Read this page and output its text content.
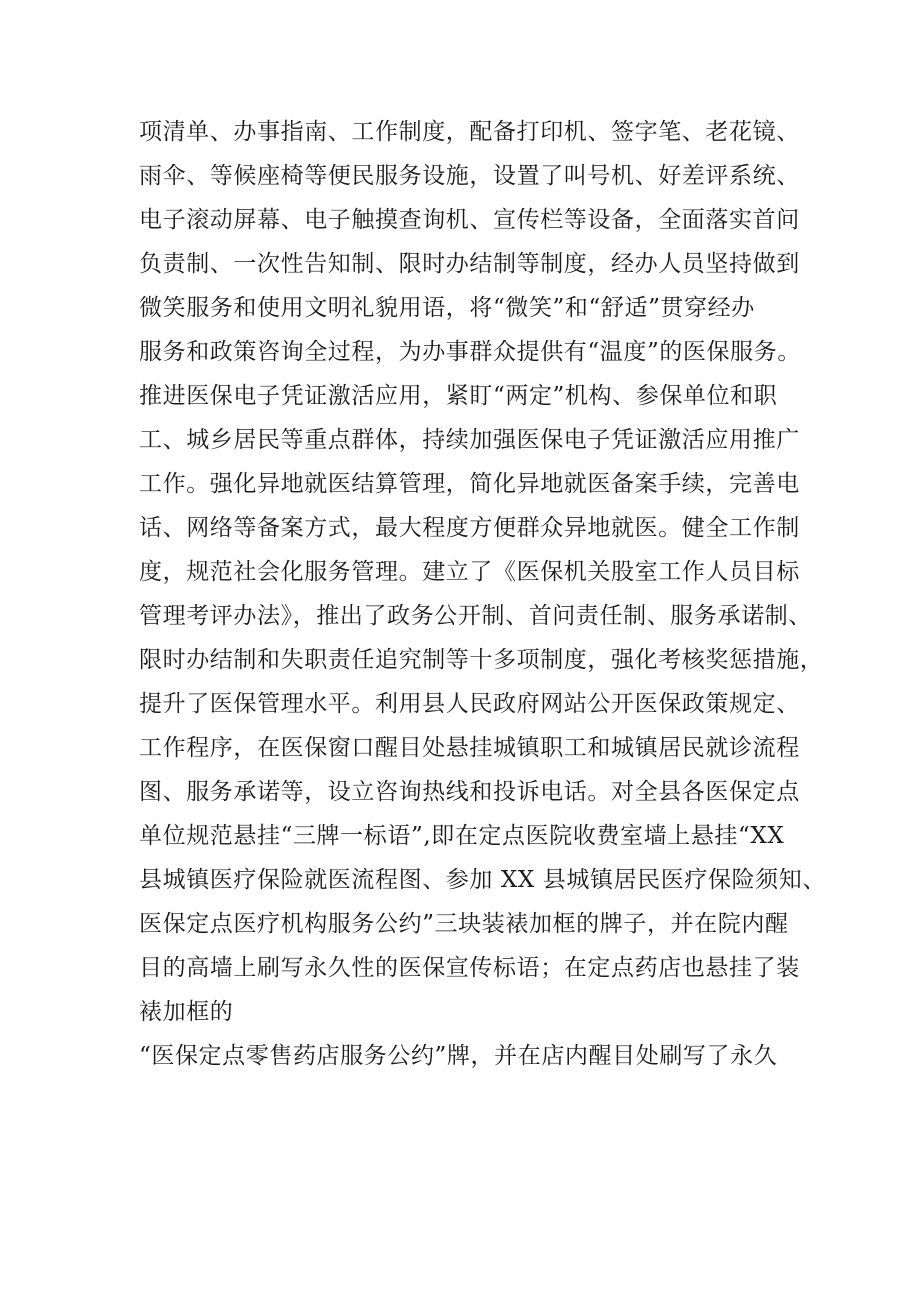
项清单、办事指南、工作制度，配备打印机、签字笔、老花镜、
雨伞、等候座椅等便民服务设施，设置了叫号机、好差评系统、
电子滚动屏幕、电子触摸查询机、宣传栏等设备，全面落实首问
负责制、一次性告知制、限时办结制等制度，经办人员坚持做到
微笑服务和使用文明礼貌用语，将“微笑”和“舒适”贯穿经办
服务和政策咨询全过程，为办事群众提供有“温度”的医保服务。
推进医保电子凭证激活应用，紧盯“两定”机构、参保单位和职
工、城乡居民等重点群体，持续加强医保电子凭证激活应用推广
工作。强化异地就医结算管理，简化异地就医备案手续，完善电
话、网络等备案方式，最大程度方便群众异地就医。健全工作制
度，规范社会化服务管理。建立了《医保机关股室工作人员目标
管理考评办法》，推出了政务公开制、首问责任制、服务承诺制、
限时办结制和失职责任追究制等十多项制度，强化考核奖惩措施，
提升了医保管理水平。利用县人民政府网站公开医保政策规定、
工作程序，在医保窗口醒目处悬挂城镇职工和城镇居民就诊流程
图、服务承诺等，设立咨询热线和投诉电话。对全县各医保定点
单位规范悬挂“三牌一标语”,即在定点医院收费室墙上悬挂“XX
县城镇医疗保险就医流程图、参加 XX 县城镇居民医疗保险须知、
医保定点医疗机构服务公约”三块装裱加框的牌子，并在院内醒
目的高墙上刷写永久性的医保宣传标语；在定点药店也悬挂了装
裱加框的
“医保定点零售药店服务公约”牌，并在店内醒目处刷写了永久
